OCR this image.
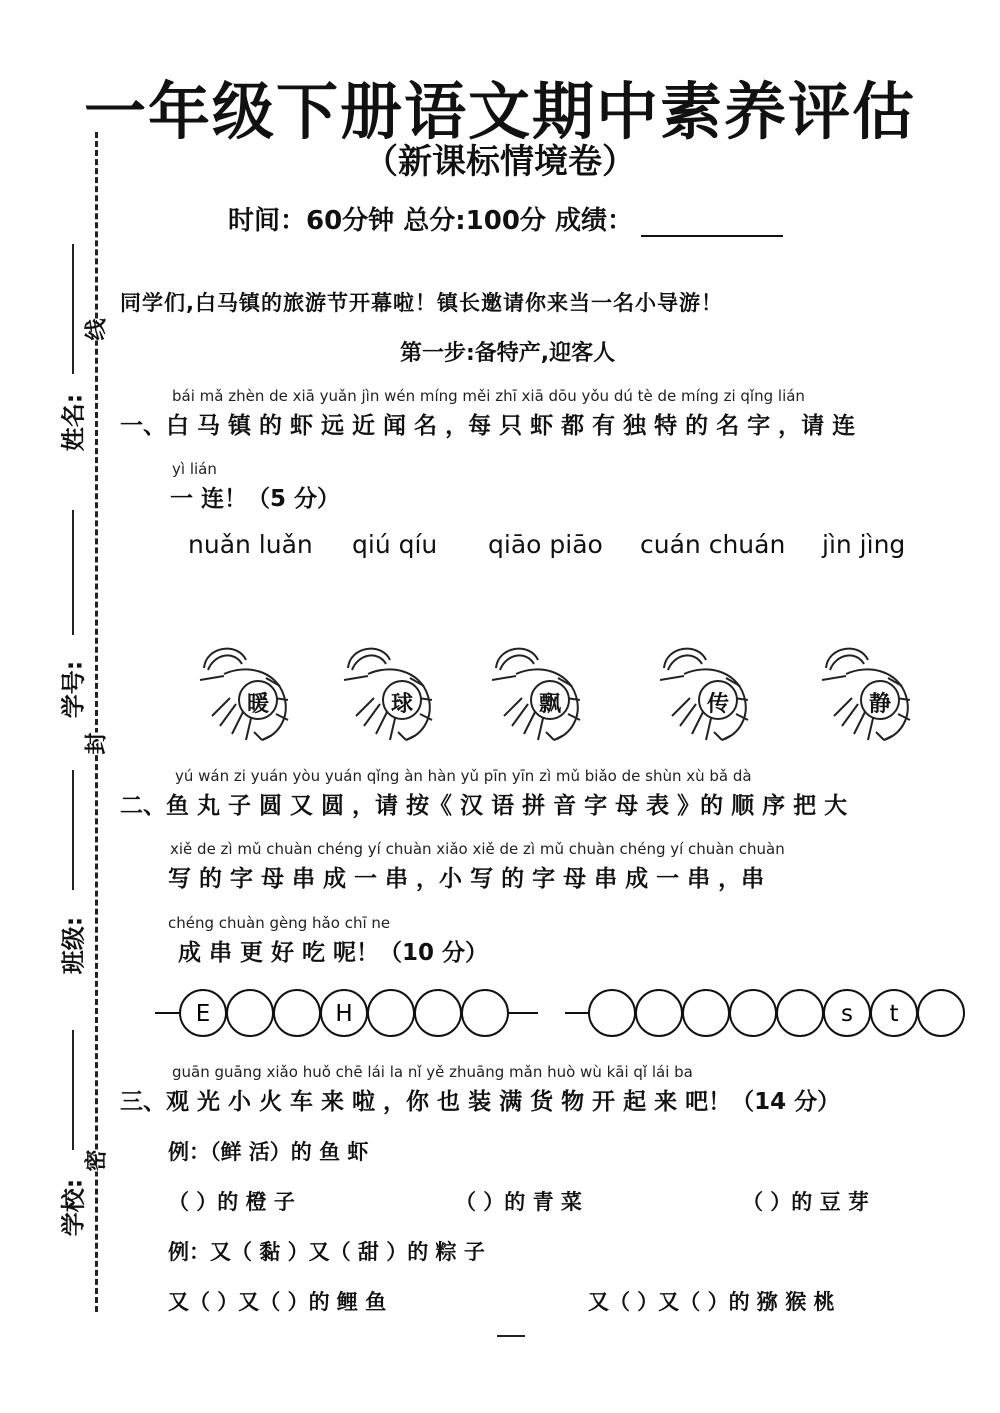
一年级下册语文期中素养评估
（新课标情境卷）
时间：60分钟 总分:100分 成绩：
姓名:
学号:
班级:
学校:
线
封
密
同学们,白马镇的旅游节开幕啦！镇长邀请你来当一名小导游！
第一步:备特产,迎客人
bái mǎ zhèn de xiā yuǎn jìn wén míng měi zhī xiā dōu yǒu dú tè de míng zi qǐng lián
一、白 马 镇 的 虾 远 近 闻 名 ，每 只 虾 都 有 独 特 的 名 字 ，请 连
yì lián
一 连！（5 分）
nuǎn luǎn qiú qíu qiāo piāo cuán chuán jìn jìng
暖	球	飘	传	静
yú wán zi yuán yòu yuán qǐng àn hàn yǔ pīn yīn zì mǔ biǎo de shùn xù bǎ dà
二、鱼 丸 子 圆 又 圆 ，请 按《 汉 语 拼 音 字 母 表 》的 顺 序 把 大
xiě de zì mǔ chuàn chéng yí chuàn xiǎo xiě de zì mǔ chuàn chéng yí chuàn chuàn
写 的 字 母 串 成 一 串 ，小 写 的 字 母 串 成 一 串 ，串
chéng chuàn gèng hǎo chī ne
成 串 更 好 吃 呢！（10 分）
E	H	s t
guān guāng xiǎo huǒ chē lái la nǐ yě zhuāng mǎn huò wù kāi qǐ lái ba
三、观 光 小 火 车 来 啦 ，你 也 装 满 货 物 开 起 来 吧！（14 分）
例：（鲜 活）的 鱼 虾
（ ）的 橙 子	（ ）的 青 菜	（ ）的 豆 芽
例：又（ 黏 ）又（ 甜 ）的 粽 子
又（ ）又（ ）的 鲤 鱼	又（ ）又（ ）的 猕 猴 桃
